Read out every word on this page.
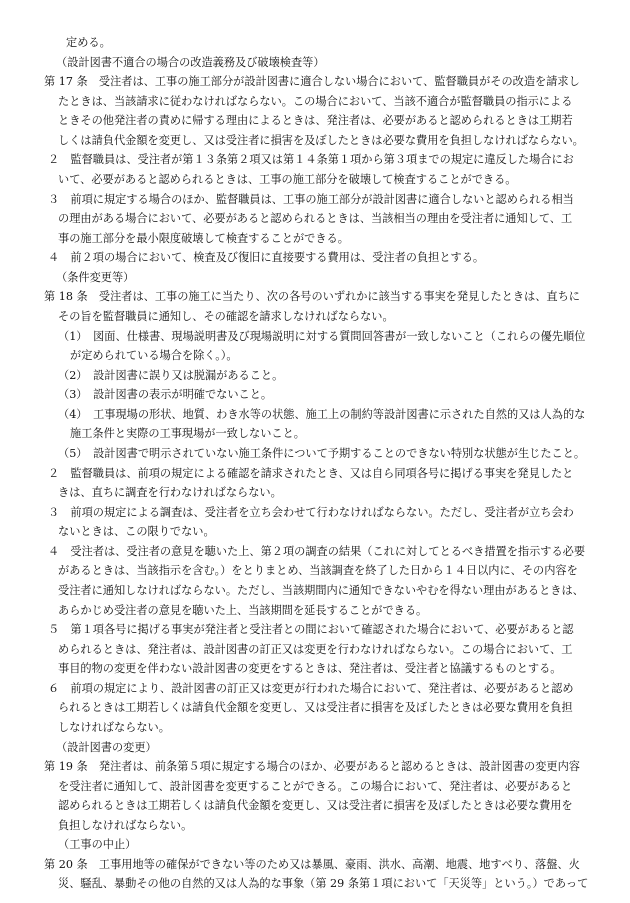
定める。
（設計図書不適合の場合の改造義務及び破壊検査等）
第 17 条　受注者は、工事の施工部分が設計図書に適合しない場合において、監督職員がその改造を請求し
たときは、当該請求に従わなければならない。この場合において、当該不適合が監督職員の指示による
ときその他発注者の責めに帰する理由によるときは、発注者は、必要があると認められるときは工期若
しくは請負代金額を変更し、又は受注者に損害を及ぼしたときは必要な費用を負担しなければならない。
２　監督職員は、受注者が第１３条第２項又は第１４条第１項から第３項までの規定に違反した場合にお
いて、必要があると認められるときは、工事の施工部分を破壊して検査することができる。
３　前項に規定する場合のほか、監督職員は、工事の施工部分が設計図書に適合しないと認められる相当
の理由がある場合において、必要があると認められるときは、当該相当の理由を受注者に通知して、工
事の施工部分を最小限度破壊して検査することができる。
４　前２項の場合において、検査及び復旧に直接要する費用は、受注者の負担とする。
（条件変更等）
第 18 条　受注者は、工事の施工に当たり、次の各号のいずれかに該当する事実を発見したときは、直ちに
その旨を監督職員に通知し、その確認を請求しなければならない。
（1）　図面、仕様書、現場説明書及び現場説明に対する質問回答書が一致しないこと（これらの優先順位
が定められている場合を除く。）。
（2）　設計図書に誤り又は脱漏があること。
（3）　設計図書の表示が明確でないこと。
（4）　工事現場の形状、地質、わき水等の状態、施工上の制約等設計図書に示された自然的又は人為的な
施工条件と実際の工事現場が一致しないこと。
（5）　設計図書で明示されていない施工条件について予期することのできない特別な状態が生じたこと。
２　監督職員は、前項の規定による確認を請求されたとき、又は自ら同項各号に掲げる事実を発見したと
きは、直ちに調査を行わなければならない。
３　前項の規定による調査は、受注者を立ち会わせて行わなければならない。ただし、受注者が立ち会わ
ないときは、この限りでない。
４　受注者は、受注者の意見を聴いた上、第２項の調査の結果（これに対してとるべき措置を指示する必要
があるときは、当該指示を含む。）をとりまとめ、当該調査を終了した日から１４日以内に、その内容を
受注者に通知しなければならない。ただし、当該期間内に通知できないやむを得ない理由があるときは、
あらかじめ受注者の意見を聴いた上、当該期間を延長することができる。
５　第１項各号に掲げる事実が発注者と受注者との間において確認された場合において、必要があると認
められるときは、発注者は、設計図書の訂正又は変更を行わなければならない。この場合において、工
事目的物の変更を伴わない設計図書の変更をするときは、発注者は、受注者と協議するものとする。
６　前項の規定により、設計図書の訂正又は変更が行われた場合において、発注者は、必要があると認め
られるときは工期若しくは請負代金額を変更し、又は受注者に損害を及ぼしたときは必要な費用を負担
しなければならない。
（設計図書の変更）
第 19 条　発注者は、前条第５項に規定する場合のほか、必要があると認めるときは、設計図書の変更内容
を受注者に通知して、設計図書を変更することができる。この場合において、発注者は、必要があると
認められるときは工期若しくは請負代金額を変更し、又は受注者に損害を及ぼしたときは必要な費用を
負担しなければならない。
（工事の中止）
第 20 条　工事用地等の確保ができない等のため又は暴風、豪雨、洪水、高潮、地震、地すべり、落盤、火
災、騒乱、暴動その他の自然的又は人為的な事象（第 29 条第１項において「天災等」という。）であって
